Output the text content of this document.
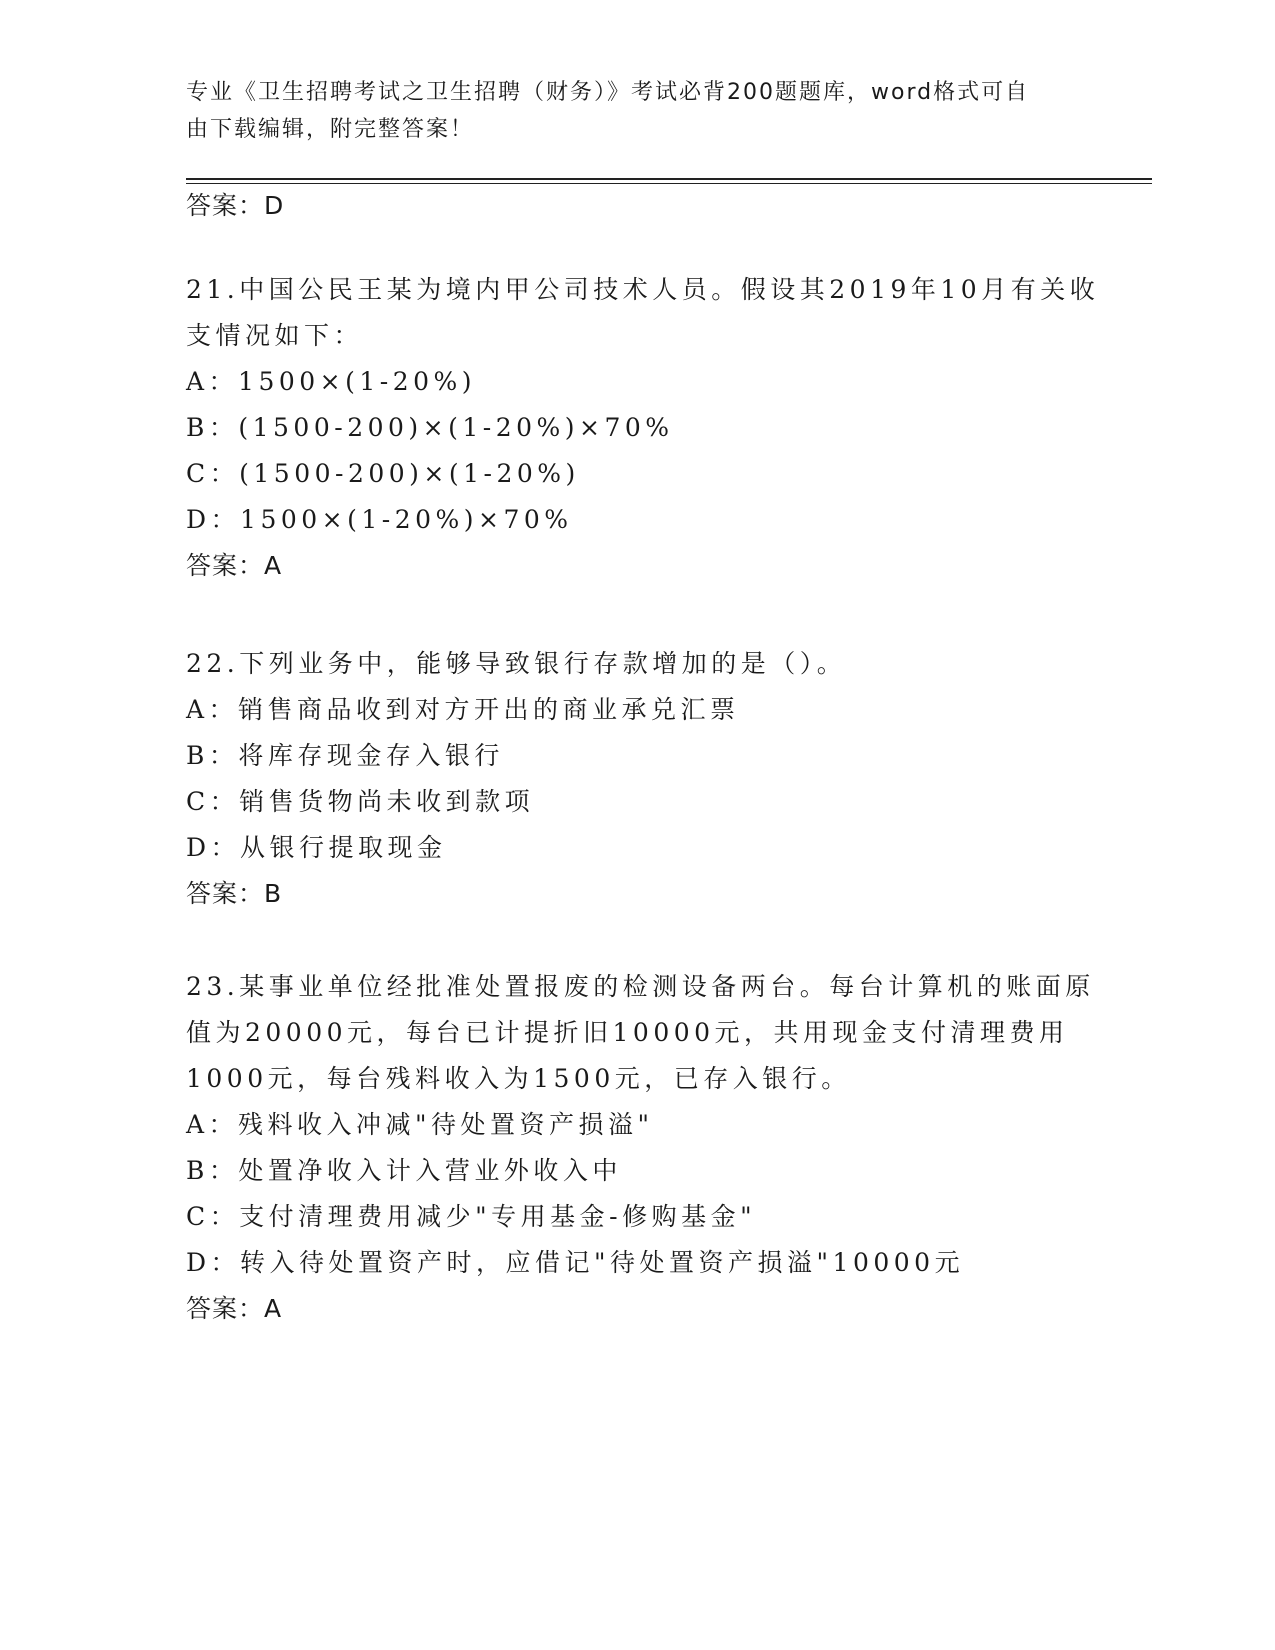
专业《卫生招聘考试之卫生招聘（财务）》考试必背200题题库，word格式可自
由下载编辑，附完整答案！
答案：D
21.中国公民王某为境内甲公司技术人员。假设其2019年10月有关收
支情况如下：
A：1500×(1-20%)
B：(1500-200)×(1-20%)×70%
C：(1500-200)×(1-20%)
D：1500×(1-20%)×70%
答案：A
22.下列业务中，能够导致银行存款增加的是（）。
A：销售商品收到对方开出的商业承兑汇票
B：将库存现金存入银行
C：销售货物尚未收到款项
D：从银行提取现金
答案：B
23.某事业单位经批准处置报废的检测设备两台。每台计算机的账面原
值为20000元，每台已计提折旧10000元，共用现金支付清理费用
1000元，每台残料收入为1500元，已存入银行。
A：残料收入冲减"待处置资产损溢"
B：处置净收入计入营业外收入中
C：支付清理费用减少"专用基金-修购基金"
D：转入待处置资产时，应借记"待处置资产损溢"10000元
答案：A
